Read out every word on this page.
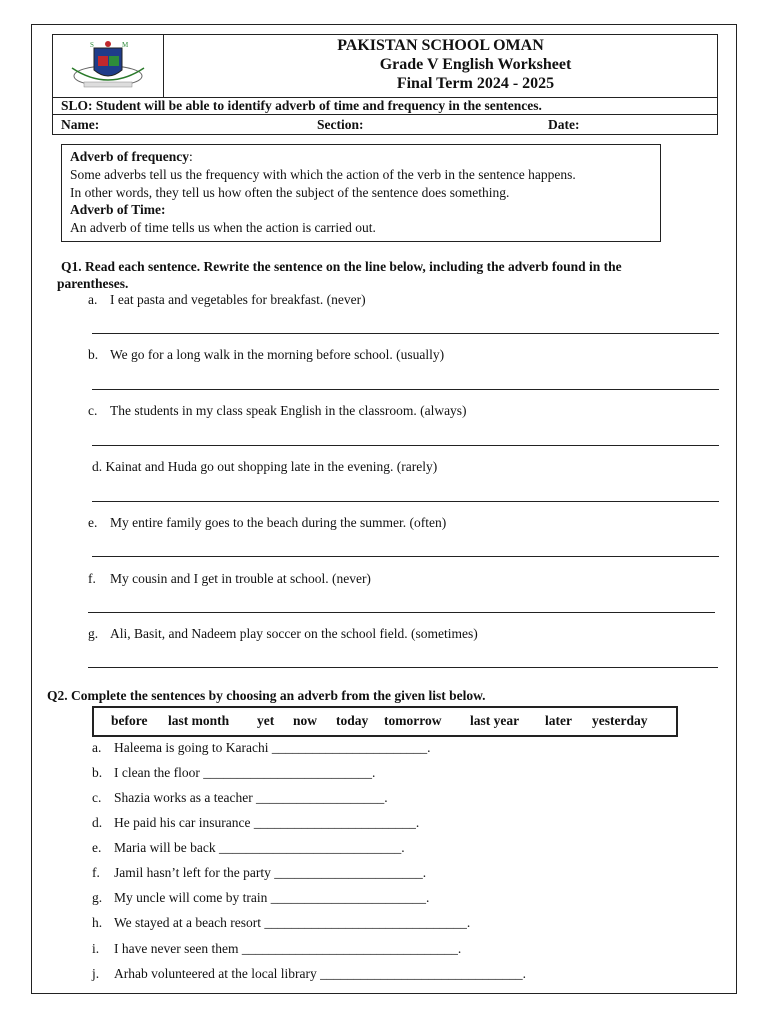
S	M	PAKISTAN SCHOOL OMAN
Grade V English Worksheet
Final Term 2024 - 2025
SLO: Student will be able to identify adverb of time and frequency in the sentences.
Name:	Section:	Date:
Adverb of frequency:
Some adverbs tell us the frequency with which the action of the verb in the sentence happens.
In other words, they tell us how often the subject of the sentence does something.
Adverb of Time:
An adverb of time tells us when the action is carried out.
Q1. Read each sentence. Rewrite the sentence on the line below, including the adverb found in the
parentheses.
a. I eat pasta and vegetables for breakfast. (never)
b. We go for a long walk in the morning before school. (usually)
c. The students in my class speak English in the classroom. (always)
d. Kainat and Huda go out shopping late in the evening. (rarely)
e. My entire family goes to the beach during the summer. (often)
f. My cousin and I get in trouble at school. (never)
g. Ali, Basit, and Nadeem play soccer on the school field. (sometimes)
Q2. Complete the sentences by choosing an adverb from the given list below.
before last month yet now today tomorrow last year later yesterday
a. Haleema is going to Karachi _______________________.
b. I clean the floor _________________________.
c. Shazia works as a teacher ___________________.
d. He paid his car insurance ________________________.
e. Maria will be back ___________________________.
f. Jamil hasn’t left for the party ______________________.
g. My uncle will come by train _______________________.
h. We stayed at a beach resort ______________________________.
i. I have never seen them ________________________________.
j. Arhab volunteered at the local library ______________________________.
